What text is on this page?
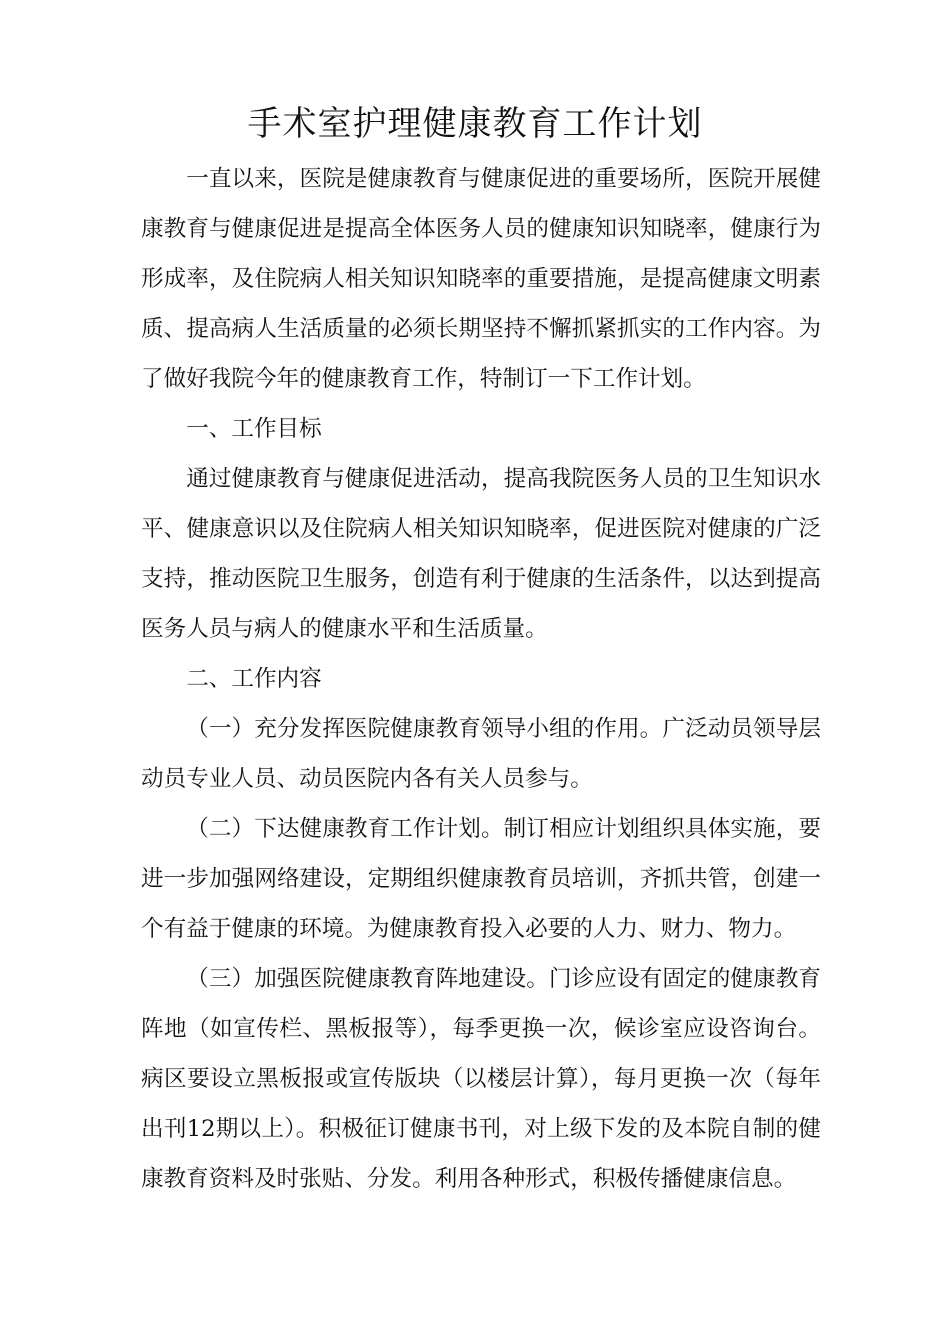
手术室护理健康教育工作计划

一直以来，医院是健康教育与健康促进的重要场所，医院开展健康教育与健康促进是提高全体医务人员的健康知识知晓率，健康行为形成率，及住院病人相关知识知晓率的重要措施，是提高健康文明素质、提高病人生活质量的必须长期坚持不懈抓紧抓实的工作内容。为了做好我院今年的健康教育工作，特制订一下工作计划。

一、工作目标

通过健康教育与健康促进活动，提高我院医务人员的卫生知识水平、健康意识以及住院病人相关知识知晓率，促进医院对健康的广泛支持，推动医院卫生服务，创造有利于健康的生活条件，以达到提高医务人员与病人的健康水平和生活质量。

二、工作内容

（一）充分发挥医院健康教育领导小组的作用。广泛动员领导层动员专业人员、动员医院内各有关人员参与。

（二）下达健康教育工作计划。制订相应计划组织具体实施，要进一步加强网络建设，定期组织健康教育员培训，齐抓共管，创建一个有益于健康的环境。为健康教育投入必要的人力、财力、物力。

（三）加强医院健康教育阵地建设。门诊应设有固定的健康教育阵地（如宣传栏、黑板报等），每季更换一次，候诊室应设咨询台。病区要设立黑板报或宣传版块（以楼层计算），每月更换一次（每年出刊12期以上）。积极征订健康书刊，对上级下发的及本院自制的健康教育资料及时张贴、分发。利用各种形式，积极传播健康信息。
